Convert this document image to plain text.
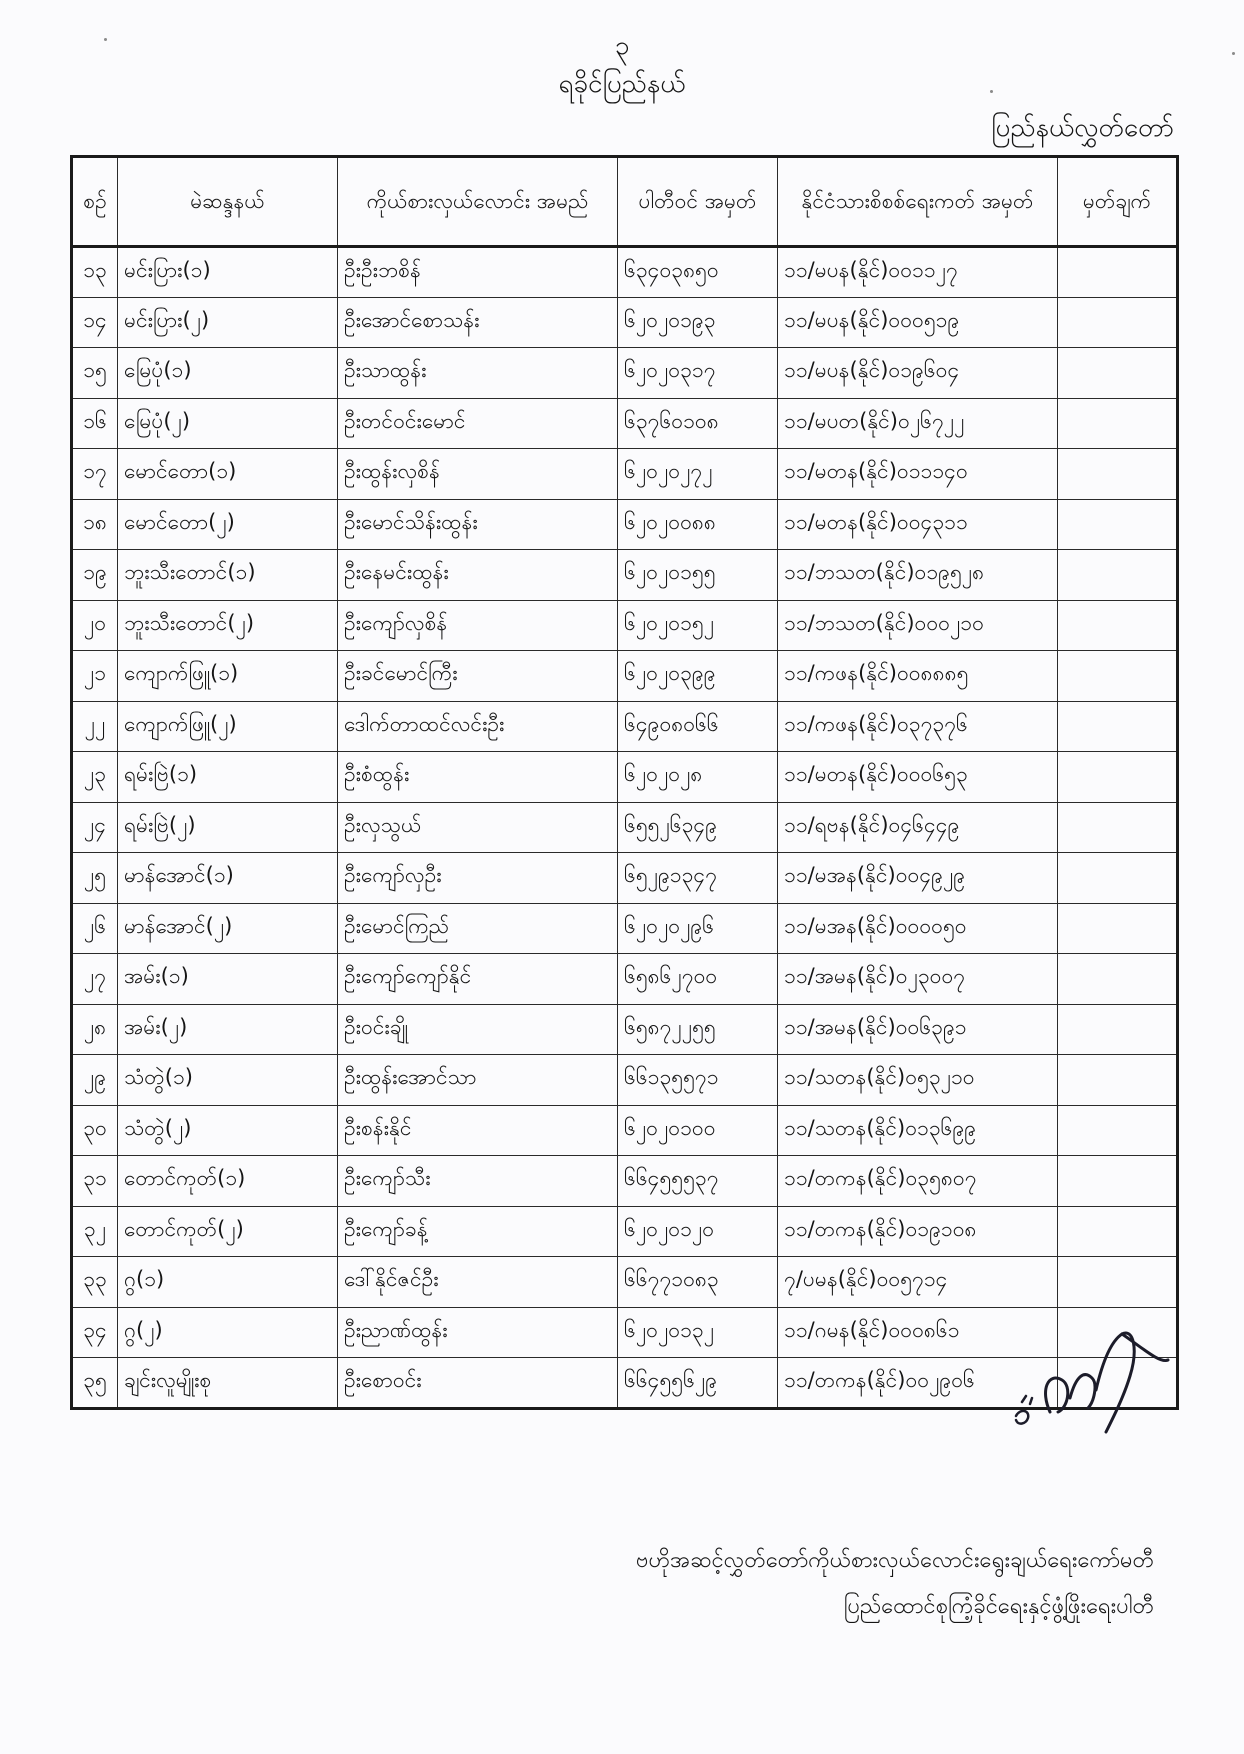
၃
ရခိုင်ပြည်နယ်
ပြည်နယ်လွှတ်တော်
စဉ်	မဲဆန္ဒနယ်	ကိုယ်စားလှယ်လောင်း အမည်	ပါတီဝင် အမှတ်	နိုင်ငံသားစိစစ်ရေးကတ် အမှတ်	မှတ်ချက်
၁၃	မင်းပြား(၁)	ဦးဦးဘစိန်	၆၃၄၀၃၈၅၀	၁၁/မပန(နိုင်)၀၀၁၁၂၇	
၁၄	မင်းပြား(၂)	ဦးအောင်စောသန်း	၆၂၀၂၀၁၉၃	၁၁/မပန(နိုင်)၀၀၀၅၁၉	
၁၅	မြေပုံ(၁)	ဦးသာထွန်း	၆၂၀၂၀၃၁၇	၁၁/မပန(နိုင်)၀၁၉၆၀၄	
၁၆	မြေပုံ(၂)	ဦးတင်ဝင်းမောင်	၆၃၇၆၀၁၀၈	၁၁/မပတ(နိုင်)၀၂၆၇၂၂	
၁၇	မောင်တော(၁)	ဦးထွန်းလှစိန်	၆၂၀၂၀၂၇၂	၁၁/မတန(နိုင်)၀၁၁၁၄၀	
၁၈	မောင်တော(၂)	ဦးမောင်သိန်းထွန်း	၆၂၀၂၀၀၈၈	၁၁/မတန(နိုင်)၀၀၄၃၁၁	
၁၉	ဘူးသီးတောင်(၁)	ဦးနေမင်းထွန်း	၆၂၀၂၀၁၅၅	၁၁/ဘသတ(နိုင်)၀၁၉၅၂၈	
၂၀	ဘူးသီးတောင်(၂)	ဦးကျော်လှစိန်	၆၂၀၂၀၁၅၂	၁၁/ဘသတ(နိုင်)၀၀၀၂၁၀	
၂၁	ကျောက်ဖြူ(၁)	ဦးခင်မောင်ကြီး	၆၂၀၂၀၃၉၉	၁၁/ကဖန(နိုင်)၀၀၈၈၈၅	
၂၂	ကျောက်ဖြူ(၂)	ဒေါက်တာထင်လင်းဦး	၆၄၉၀၈၀၆၆	၁၁/ကဖန(နိုင်)၀၃၇၃၇၆	
၂၃	ရမ်းဗြဲ(၁)	ဦးစံထွန်း	၆၂၀၂၀၂၈	၁၁/မတန(နိုင်)၀၀၀၆၅၃	
၂၄	ရမ်းဗြဲ(၂)	ဦးလှသွယ်	၆၅၅၂၆၃၄၉	၁၁/ရဗန(နိုင်)၀၄၆၄၄၉	
၂၅	မာန်အောင်(၁)	ဦးကျော်လှဦး	၆၅၂၉၁၃၄၇	၁၁/မအန(နိုင်)၀၀၄၉၂၉	
၂၆	မာန်အောင်(၂)	ဦးမောင်ကြည်	၆၂၀၂၀၂၉၆	၁၁/မအန(နိုင်)၀၀၀၀၅၀	
၂၇	အမ်း(၁)	ဦးကျော်ကျော်နိုင်	၆၅၈၆၂၇၀၀	၁၁/အမန(နိုင်)၀၂၃၀၀၇	
၂၈	အမ်း(၂)	ဦးဝင်းချို	၆၅၈၇၂၂၅၅	၁၁/အမန(နိုင်)၀၀၆၃၉၁	
၂၉	သံတွဲ(၁)	ဦးထွန်းအောင်သာ	၆၆၁၃၅၅၇၁	၁၁/သတန(နိုင်)၀၅၃၂၁၀	
၃၀	သံတွဲ(၂)	ဦးစန်းနိုင်	၆၂၀၂၀၁၀၀	၁၁/သတန(နိုင်)၀၁၃၆၉၉	
၃၁	တောင်ကုတ်(၁)	ဦးကျော်သီး	၆၆၄၅၅၅၃၇	၁၁/တကန(နိုင်)၀၃၅၈၀၇	
၃၂	တောင်ကုတ်(၂)	ဦးကျော်ခန့်	၆၂၀၂၀၁၂၀	၁၁/တကန(နိုင်)၀၁၉၁၀၈	
၃၃	ဂွ(၁)	ဒေါ်နိုင်ဇင်ဦး	၆၆၇၇၁၀၈၃	၇/ပမန(နိုင်)၀၀၅၇၁၄	
၃၄	ဂွ(၂)	ဦးညာဏ်ထွန်း	၆၂၀၂၀၁၃၂	၁၁/ဂမန(နိုင်)၀၀၀၈၆၁	
၃၅	ချင်းလူမျိုးစု	ဦးစောဝင်း	၆၆၄၅၅၆၂၉	၁၁/တကန(နိုင်)၀၀၂၉၀၆	
ဗဟိုအဆင့်လွှတ်တော်ကိုယ်စားလှယ်လောင်းရွေးချယ်ရေးကော်မတီ
ပြည်ထောင်စုကြံ့ခိုင်ရေးနှင့်ဖွံ့ဖြိုးရေးပါတီ
